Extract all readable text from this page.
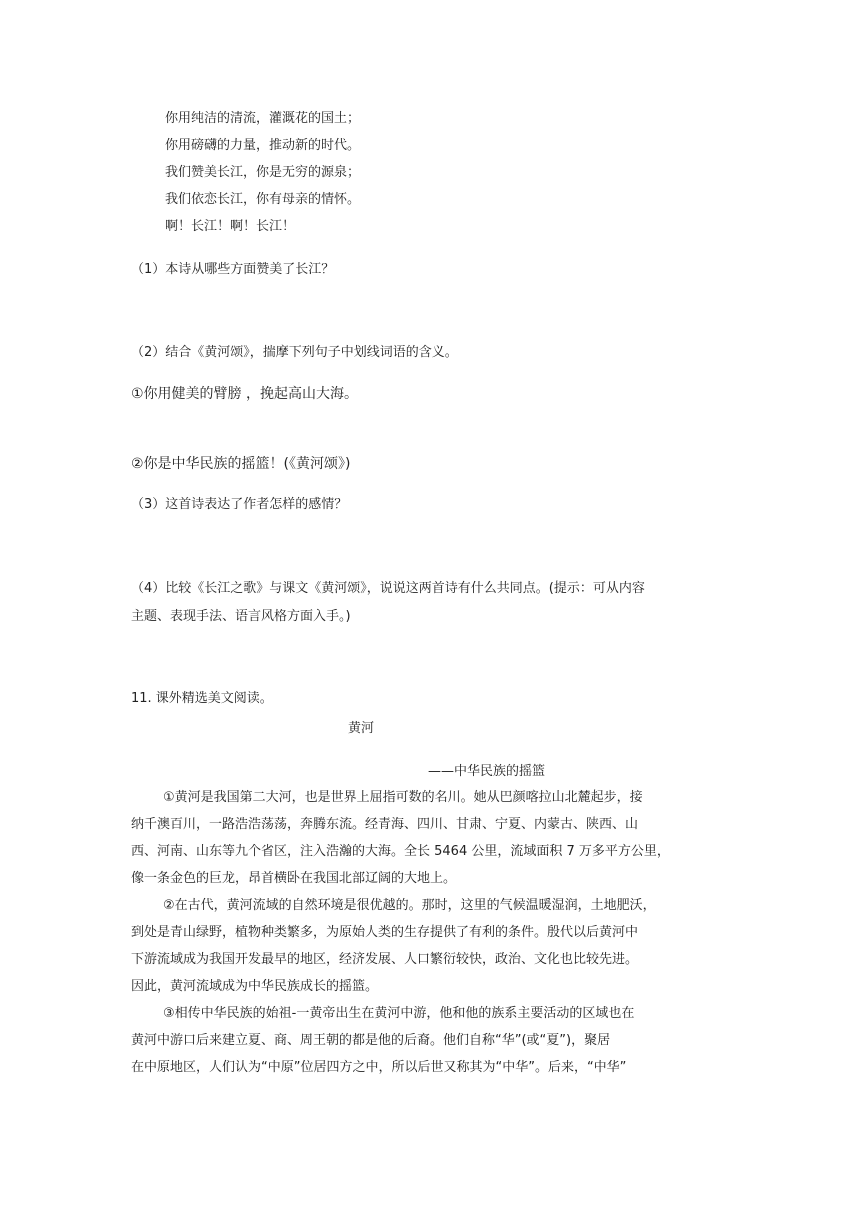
你用纯洁的清流，灌溉花的国土；
你用磅礴的力量，推动新的时代。
我们赞美长江，你是无穷的源泉；
我们依恋长江，你有母亲的情怀。
啊！长江！啊！长江！
（1）本诗从哪些方面赞美了长江？
（2）结合《黄河颂》，揣摩下列句子中划线词语的含义。
①你用健美的臂膀 ，挽起高山大海。
②你是中华民族的摇篮！(《黄河颂》)
（3）这首诗表达了作者怎样的感情？
（4）比较《长江之歌》与课文《黄河颂》，说说这两首诗有什么共同点。(提示：可从内容
主题、表现手法、语言风格方面入手。)
11. 课外精选美文阅读。
黄河
——中华民族的摇篮
①黄河是我国第二大河，也是世界上屈指可数的名川。她从巴颜喀拉山北麓起步，接
纳千澳百川，一路浩浩荡荡，奔腾东流。经青海、四川、甘肃、宁夏、内蒙古、陕西、山
西、河南、山东等九个省区，注入浩瀚的大海。全长 5464 公里，流域面积 7 万多平方公里，
像一条金色的巨龙，昂首横卧在我国北部辽阔的大地上。
②在古代，黄河流域的自然环境是很优越的。那时，这里的气候温暖湿润，土地肥沃，
到处是青山绿野，植物种类繁多，为原始人类的生存提供了有利的条件。殷代以后黄河中
下游流域成为我国开发最早的地区，经济发展、人口繁衍较快，政治、文化也比较先进。
因此，黄河流域成为中华民族成长的摇篮。
③相传中华民族的始祖-一黄帝出生在黄河中游，他和他的族系主要活动的区域也在
黄河中游口后来建立夏、商、周王朝的都是他的后裔。他们自称“华”(或“夏”)，聚居
在中原地区，人们认为“中原”位居四方之中，所以后世又称其为“中华”。后来，“中华”
